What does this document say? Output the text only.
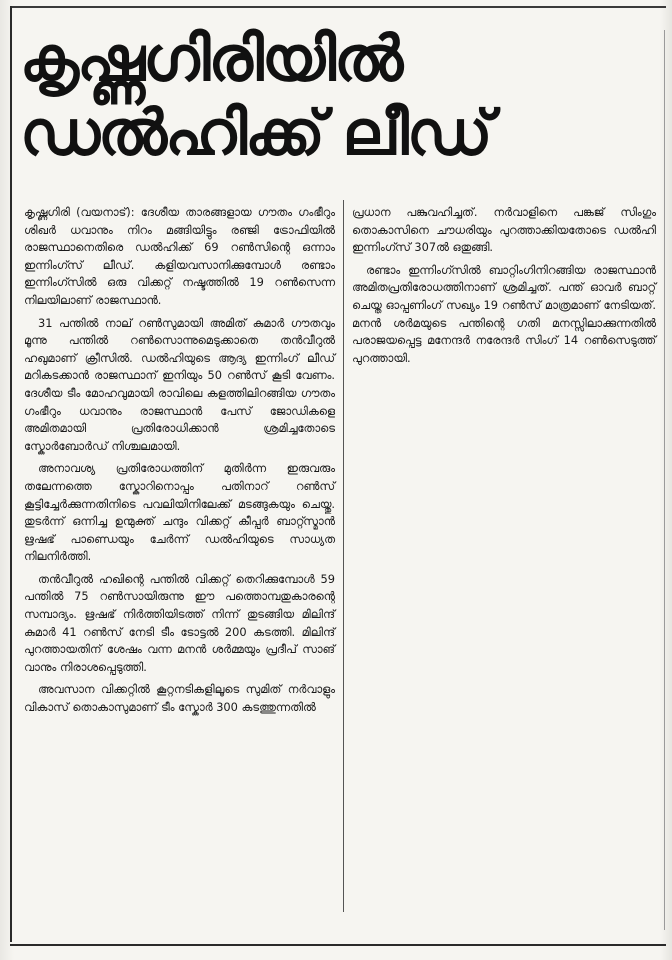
കൃഷ്ണഗിരിയിൽ
ഡൽഹിക്ക് ലീഡ്

കൃഷ്ണഗിരി (വയനാട്): ദേശീയ താരങ്ങളായ ഗൗതം ഗംഭീറും ശിഖർ ധവാനും നിറം മങ്ങിയിട്ടും രഞ്ജി ട്രോഫിയിൽ രാജസ്ഥാനെതിരെ ഡൽഹിക്ക് 69 റൺസിന്റെ ഒന്നാം ഇന്നിംഗ്സ് ലീഡ്. കളിയവസാനിക്കുമ്പോൾ രണ്ടാം ഇന്നിംഗ്സിൽ ഒരു വിക്കറ്റ് നഷ്ടത്തിൽ 19 റൺസെന്ന നിലയിലാണ് രാജസ്ഥാൻ.

31 പന്തിൽ നാല് റൺസുമായി അമിത് കുമാർ ഗൗതവും മൂന്നു പന്തിൽ റൺസൊന്നുമെടുക്കാതെ തൻവീറുൽ ഹഖുമാണ് ക്രീസിൽ. ഡൽഹിയുടെ ആദ്യ ഇന്നിംഗ് ലീഡ് മറികടക്കാൻ രാജസ്ഥാന് ഇനിയും 50 റൺസ് കൂടി വേണം. ദേശീയ ടീം മോഹവുമായി രാവിലെ കളത്തിലിറങ്ങിയ ഗൗതം ഗംഭീറും ധവാനും രാജസ്ഥാൻ പേസ് ജോഡികളെ അമിതമായി പ്രതിരോധിക്കാൻ ശ്രമിച്ചതോടെ സ്കോർബോർഡ് നിശ്ചലമായി.

അനാവശ്യ പ്രതിരോധത്തിന് മുതിർന്ന ഇരുവരും തലേന്നത്തെ സ്കോറിനൊപ്പം പതിനാറ് റൺസ് കൂട്ടിച്ചേർക്കുന്നതിനിടെ പവലിയിനിലേക്ക് മടങ്ങുകയും ചെയ്തു. തുടർന്ന് ഒന്നിച്ച ഉന്മുക്ത് ചന്ദും വിക്കറ്റ് കീപ്പർ ബാറ്റ്സ്മാൻ ഋഷഭ് പാണ്ഡെയും ചേർന്ന് ഡൽഹിയുടെ സാധ്യത നിലനിർത്തി.

തൻവീറുൽ ഹഖിന്റെ പന്തിൽ വിക്കറ്റ് തെറിക്കുമ്പോൾ 59 പന്തിൽ 75 റൺസായിരുന്നു ഈ പത്തൊമ്പതുകാരന്റെ സമ്പാദ്യം. ഋഷഭ് നിർത്തിയിടത്ത് നിന്ന് തുടങ്ങിയ മിലിന്ദ് കുമാർ 41 റൺസ് നേടി ടീം ടോട്ടൽ 200 കടത്തി. മിലിന്ദ് പുറത്തായതിന് ശേഷം വന്ന മനൻ ശർമ്മയും പ്രദീപ് സാങ് വാനും നിരാശപ്പെടുത്തി.

അവസാന വിക്കറ്റിൽ കൂറ്റനടികളിലൂടെ സുമിത് നർവാളും വികാസ് തൊകാസുമാണ് ടീം സ്കോർ 300 കടത്തുന്നതിൽ

പ്രധാന പങ്കുവഹിച്ചത്. നർവാളിനെ പങ്കജ് സിംഗും തൊകാസിനെ ചൗധരിയും പുറത്താക്കിയതോടെ ഡൽഹി ഇന്നിംഗ്സ് 307ൽ ഒതുങ്ങി.

രണ്ടാം ഇന്നിംഗ്സിൽ ബാറ്റിംഗിനിറങ്ങിയ രാജസ്ഥാൻ അമിതപ്രതിരോധത്തിനാണ് ശ്രമിച്ചത്. പന്ത് ഓവർ ബാറ്റ് ചെയ്ത ഓപ്പണിംഗ് സഖ്യം 19 റൺസ് മാത്രമാണ് നേടിയത്. മനൻ ശർമയുടെ പന്തിന്റെ ഗതി മനസ്സിലാക്കുന്നതിൽ പരാജയപ്പെട്ട മനേന്ദർ നരേന്ദർ സിംഗ് 14 റൺസെടുത്ത് പുറത്തായി.
